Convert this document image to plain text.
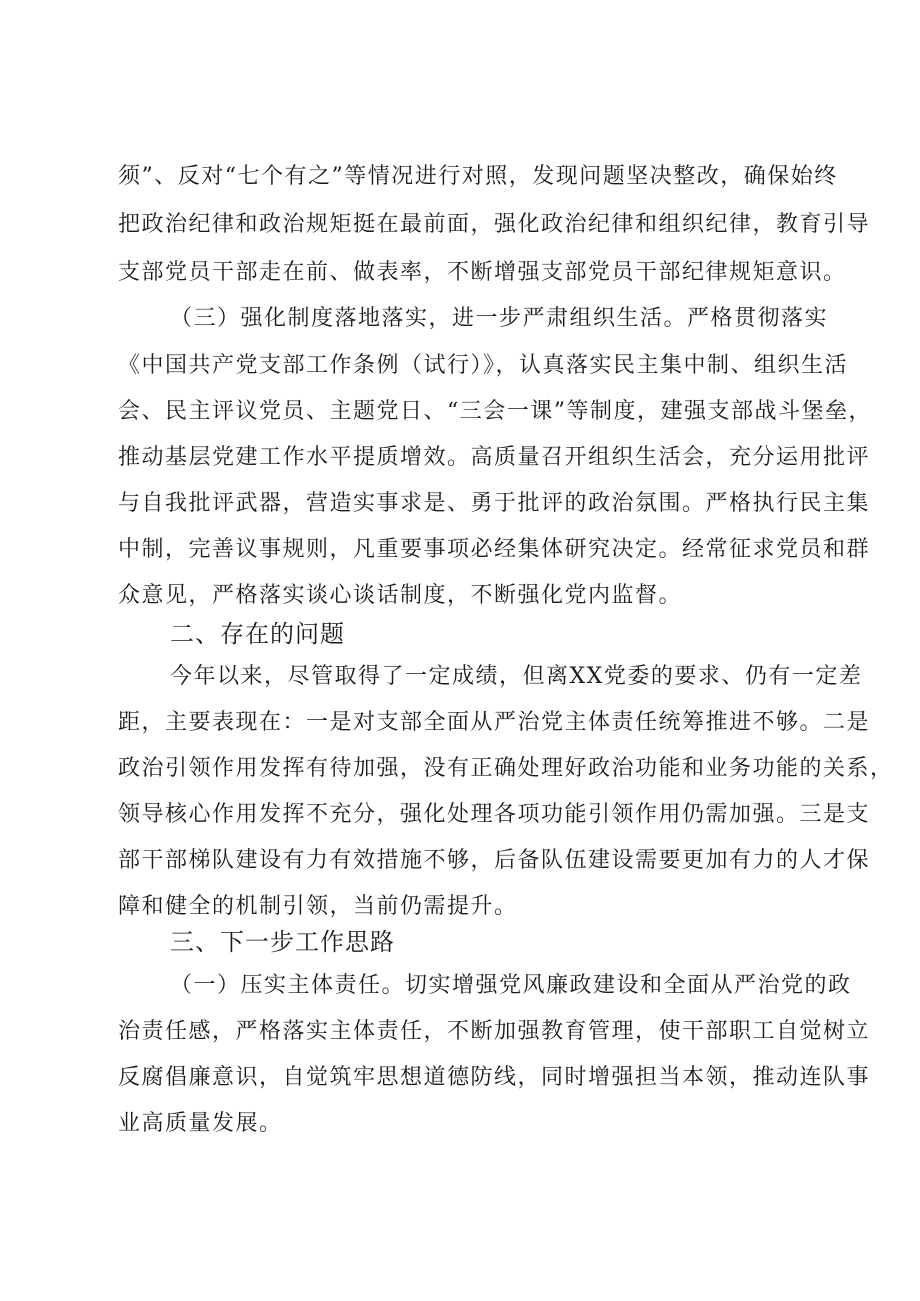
须”、反对“七个有之”等情况进行对照，发现问题坚决整改，确保始终
把政治纪律和政治规矩挺在最前面，强化政治纪律和组织纪律，教育引导
支部党员干部走在前、做表率，不断增强支部党员干部纪律规矩意识。
（三）强化制度落地落实，进一步严肃组织生活。严格贯彻落实
《中国共产党支部工作条例（试行）》，认真落实民主集中制、组织生活
会、民主评议党员、主题党日、“三会一课”等制度，建强支部战斗堡垒，
推动基层党建工作水平提质增效。高质量召开组织生活会，充分运用批评
与自我批评武器，营造实事求是、勇于批评的政治氛围。严格执行民主集
中制，完善议事规则，凡重要事项必经集体研究决定。经常征求党员和群
众意见，严格落实谈心谈话制度，不断强化党内监督。
二、存在的问题
今年以来，尽管取得了一定成绩，但离XX党委的要求、仍有一定差
距，主要表现在：一是对支部全面从严治党主体责任统筹推进不够。二是
政治引领作用发挥有待加强，没有正确处理好政治功能和业务功能的关系，
领导核心作用发挥不充分，强化处理各项功能引领作用仍需加强。三是支
部干部梯队建设有力有效措施不够，后备队伍建设需要更加有力的人才保
障和健全的机制引领，当前仍需提升。
三、下一步工作思路
（一）压实主体责任。切实增强党风廉政建设和全面从严治党的政
治责任感，严格落实主体责任，不断加强教育管理，使干部职工自觉树立
反腐倡廉意识，自觉筑牢思想道德防线，同时增强担当本领，推动连队事
业高质量发展。
